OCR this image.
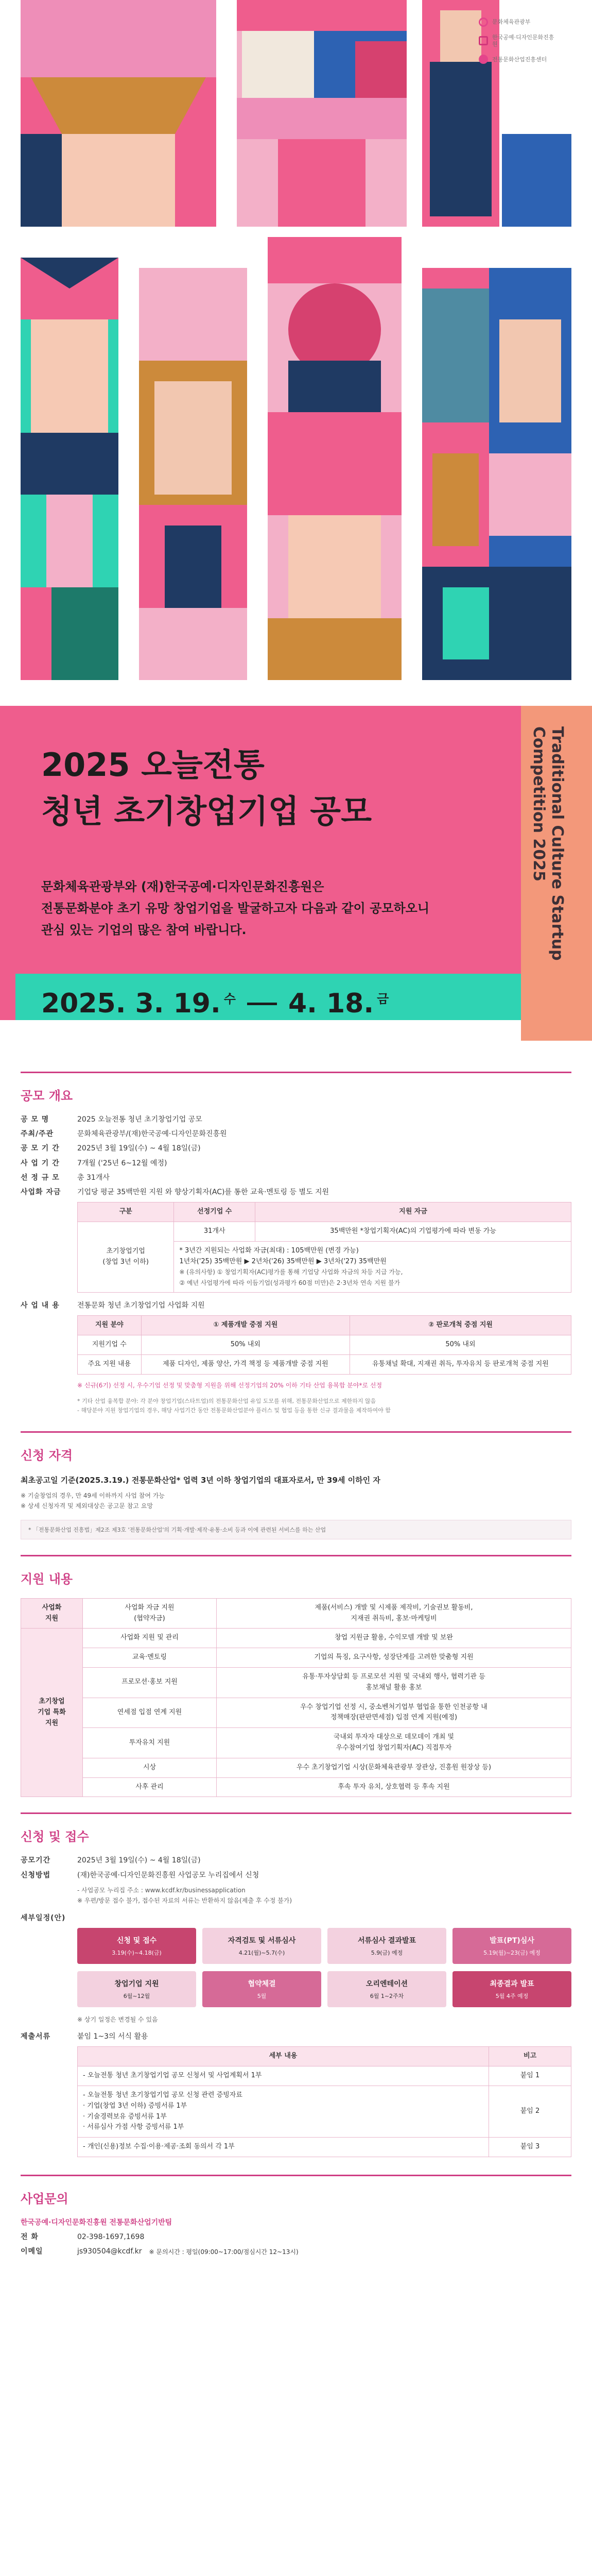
문화체육관광부
한국공예·디자인문화진흥원
전통문화산업진흥센터
Traditional Culture Startup Competition 2025
2025 오늘전통
청년 초기창업기업 공모
문화체육관광부와 (재)한국공예·디자인문화진흥원은
전통문화분야 초기 유망 창업기업을 발굴하고자 다음과 같이 공모하오니
관심 있는 기업의 많은 참여 바랍니다.
2025. 3. 19. 수 4. 18. 금
공모 개요
공 모 명	2025 오늘전통 청년 초기창업기업 공모
주최/주관	문화체육관광부/(재)한국공예·디자인문화진흥원
공 모 기 간	2025년 3월 19일(수) ~ 4월 18일(금)
사 업 기 간	7개월 ('25년 6~12월 예정)
선 정 규 모	총 31개사
사업화 자금	기업당 평균 35백만원 지원 와 향상기획자(AC)를 통한 교육·멘토링 등 별도 지원
구분	선정기업 수	지원 자금
초기창업기업
(창업 3년 이하)	31개사	35백만원 *창업기획자(AC)의 기업평가에 따라 변동 가능

	* 3년간 지원되는 사업화 자금(최대) : 105백만원 (변경 가능)
1년차('25) 35백만원 ▶ 2년차('26) 35백만원 ▶ 3년차('27) 35백만원
※ (유의사항) ① 창업기획자(AC)평가를 통해 기업당 사업화 자금의 차등 지급 가능,
② 예년 사업평가에 따라 이듬기업(성과평가 60점 미만)은 2·3년차 연속 지원 불가	
사 업 내 용	전통문화 청년 초기창업기업 사업화 지원
지원 분야	① 제품개발 중점 지원	② 판로개척 중점 지원
지원기업 수	50% 내외	50% 내외
주요 지원 내용	제품 디자인, 제품 양산, 가격 책정 등 제품개발 중점 지원	유통채널 확대, 지재권 취득, 투자유치 등 판로개척 중점 지원
※ 신규(6기) 선정 시, 우수기업 선정 및 맞춤형 지원을 위해 선정기업의 20% 이하 기타 산업 융복합 분야*로 선정
* 기타 산업 융복합 분야: 각 분야 창업기업(스타트업)의 전통문화산업 유입 도모를 위해, 전통문화산업으로 제한하지 않음
- 해당분야 지원 창업기업의 경우, 해당 사업기간 동안 전통문화산업분야 플러스 및 협업 등을 통한 신규 결과물을 제작하여야 함
신청 자격
최초공고일 기준(2025.3.19.) 전통문화산업* 업력 3년 이하 창업기업의 대표자로서, 만 39세 이하인 자
※ 기술창업의 경우, 만 49세 이하까지 사업 참여 가능
※ 상세 신청자격 및 제외대상은 공고문 참고 요망
* 「전통문화산업 진흥법」제2조 제3호 '전통문화산업'의 기획·개발·제작·유통·소비 등과 이에 관련된 서비스를 하는 산업
지원 내용
사업화
지원	사업화 자금 지원
(협약자금)	제품(서비스) 개발 및 시제품 제작비, 기술권보 활동비,
지재권 취득비, 홍보·마케팅비
초기창업
기업 특화
지원	사업화 지원 및 관리	창업 지원금 활용, 수익모델 개발 및 보완
	교육·멘토링	기업의 특징, 요구사항, 성장단계를 고려한 맞춤형 지원
	프로모션·홍보 지원	유통·투자상담회 등 프로모션 지원 및 국내외 행사, 협력기관 등
홍보채널 활용 홍보
	연세점 입점 연계 지원	우수 창업기업 선정 시, 중소벤처기업부 협업을 통한 인천공항 내
정책매장(판판면세점) 입점 연계 지원(예정)
	투자유치 지원	국내외 투자자 대상으로 데모데이 개최 및
우수참여기업 창업기획자(AC) 직접투자
	시상	우수 초기창업기업 시상(문화체육관광부 장관상, 진흥원 원장상 등)
	사후 관리	후속 투자 유치, 상호협력 등 후속 지원
신청 및 접수
공모기간	2025년 3월 19일(수) ~ 4월 18일(금)
신청방법	(재)한국공예·디자인문화진흥원 사업공모 누리집에서 신청
- 사업공모 누리집 주소 : www.kcdf.kr/businessapplication
※ 우편/방문 접수 불가, 접수된 자료의 서류는 반환하지 않음(제출 후 수정 불가)
세부일정(안)
신청 및 접수
3.19(수)~4.18(금)
자격검토 및 서류심사
4.21(월)~5.7(수)
서류심사 결과발표
5.9(금) 예정
발표(PT)심사
5.19(월)~23(금) 예정
창업기업 지원
6월~12월
협약체결
5월
오리엔테이션
6월 1~2주차
최종결과 발표
5월 4주 예정
※ 상기 일정은 변경될 수 있음
제출서류	붙임 1~3의 서식 활용
세부 내용	비고
- 오늘전통 청년 초기창업기업 공모 신청서 및 사업계획서 1부	붙임 1
- 오늘전통 청년 초기창업기업 공모 신청 관련 증빙자료
· 기업(창업 3년 이하) 증빙서류 1부
· 기술경력보유 증빙서류 1부
· 서류심사 가점 사항 증빙서류 1부	붙임 2
- 개인(신용)정보 수집·이용·제공·조회 동의서 각 1부	붙임 3
사업문의
한국공예·디자인문화진흥원 전통문화산업기반팀
전 화	02-398-1697,1698
이메일	js930504@kcdf.kr ※ 문의시간 : 평일(09:00~17:00/점심시간 12~13시)
